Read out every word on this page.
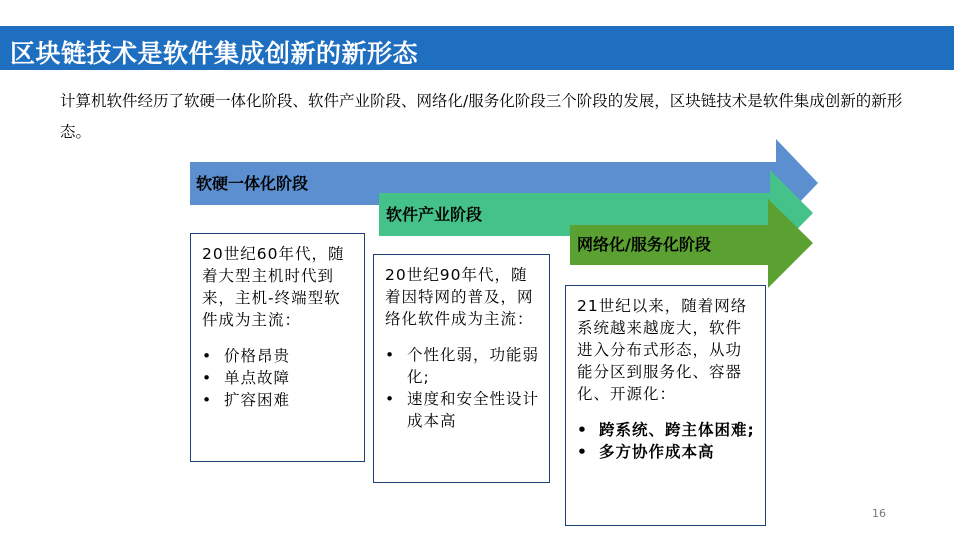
区块链技术是软件集成创新的新形态
计算机软件经历了软硬一体化阶段、软件产业阶段、网络化/服务化阶段三个阶段的发展，区块链技术是软件集成创新的新形态。
软硬一体化阶段
软件产业阶段
网络化/服务化阶段
20世纪60年代，随着大型主机时代到来，主机-终端型软件成为主流：
• 价格昂贵
• 单点故障
• 扩容困难
20世纪90年代，随着因特网的普及，网络化软件成为主流：
• 个性化弱，功能弱化;
• 速度和安全性设计成本高
21世纪以来，随着网络系统越来越庞大，软件进入分布式形态，从功能分区到服务化、容器化、开源化：
• 跨系统、跨主体困难;
• 多方协作成本高
16
